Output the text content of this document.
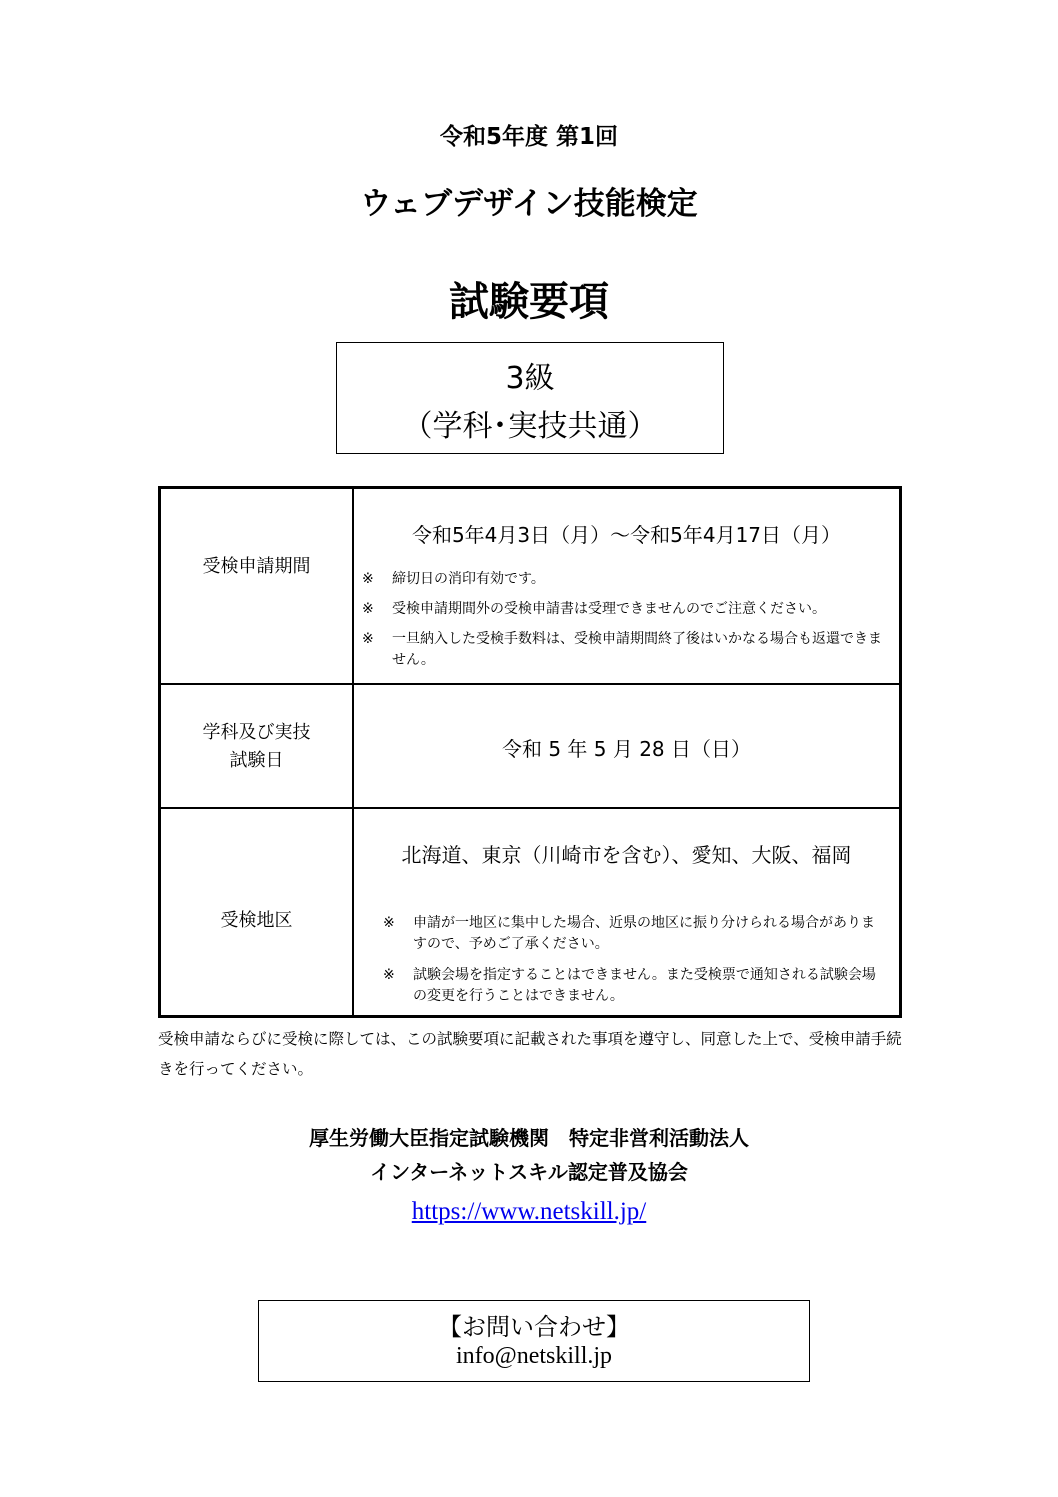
令和5年度 第1回
ウェブデザイン技能検定
試験要項
3級
（学科･実技共通）
受検申請期間
令和5年4月3日（月）～令和5年4月17日（月）
※ 締切日の消印有効です。
※ 受検申請期間外の受検申請書は受理できませんのでご注意ください。
※ 一旦納入した受検手数料は、受検申請期間終了後はいかなる場合も返還できません。
学科及び実技
試験日	令和 5 年 5 月 28 日（日）
受検地区
北海道、東京（川崎市を含む）、愛知、大阪、福岡
※ 申請が一地区に集中した場合、近県の地区に振り分けられる場合がありますので、予めご了承ください。
※ 試験会場を指定することはできません。また受検票で通知される試験会場の変更を行うことはできません。
受検申請ならびに受検に際しては、この試験要項に記載された事項を遵守し、同意した上で、受検申請手続きを行ってください。
厚生労働大臣指定試験機関　特定非営利活動法人
インターネットスキル認定普及協会
https://www.netskill.jp/
【お問い合わせ】
info@netskill.jp
